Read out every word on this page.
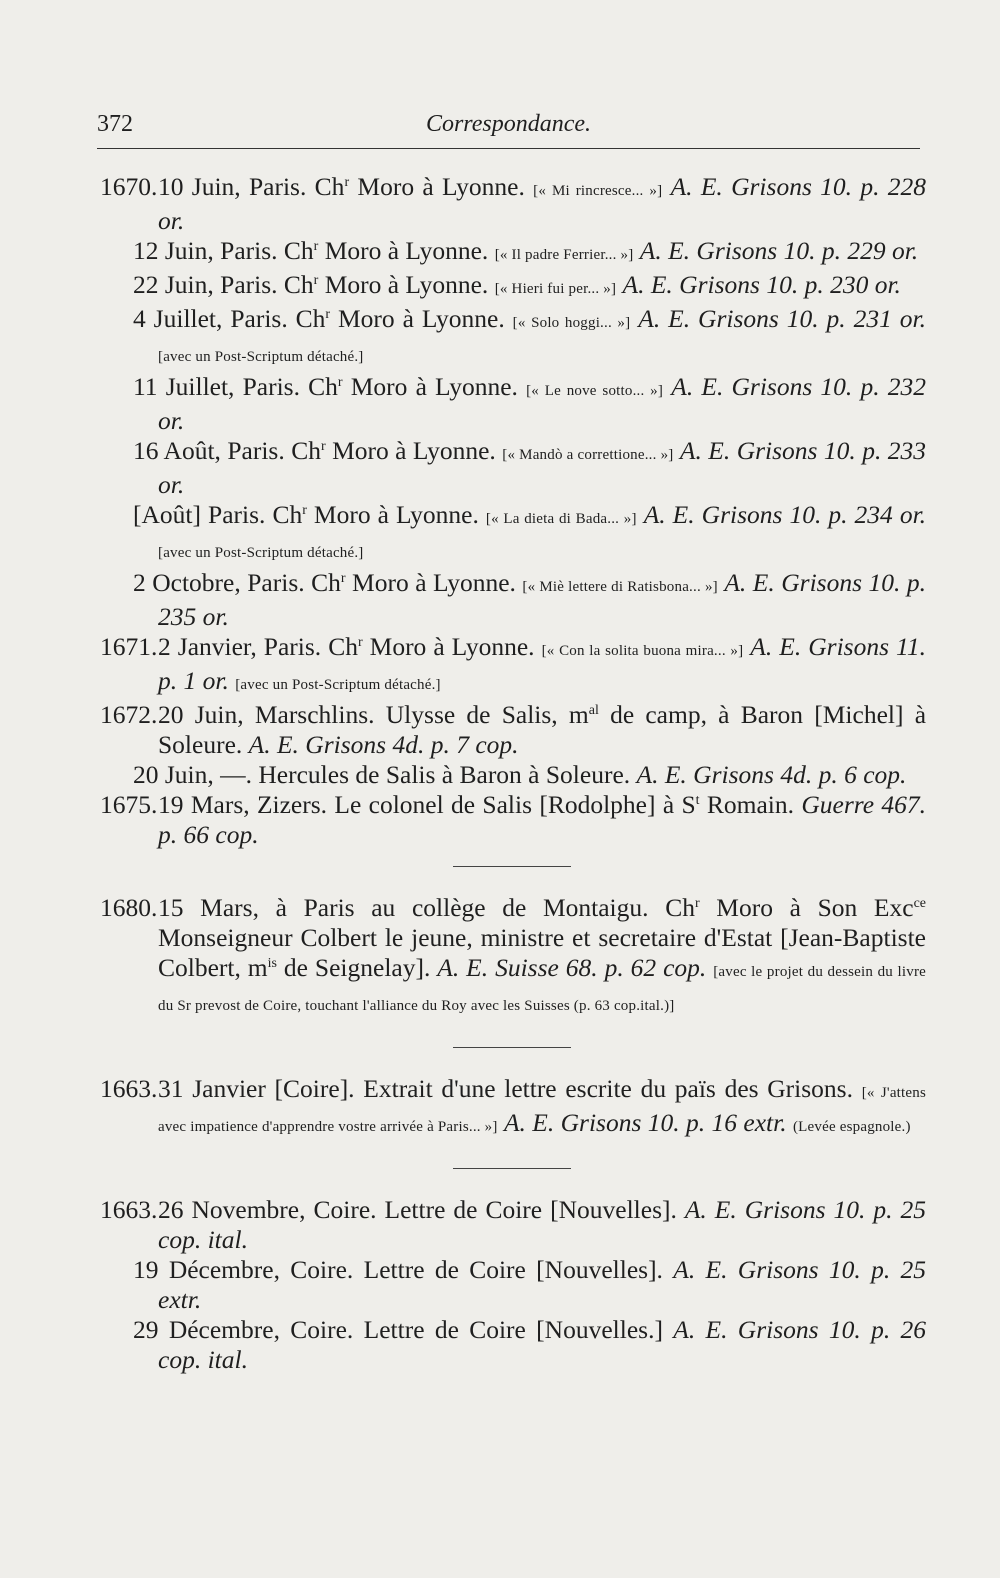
372	Correspondance.

1670.10 Juin, Paris. Ch$^r$ Moro à Lyonne. [« Mi rincresce... »] A. E. Grisons 10. p. 228 or.

12 Juin, Paris. Ch$^r$ Moro à Lyonne. [« Il padre Ferrier... »] A. E. Grisons 10. p. 229 or.

22 Juin, Paris. Ch$^r$ Moro à Lyonne. [« Hieri fui per... »] A. E. Grisons 10. p. 230 or.

4 Juillet, Paris. Ch$^r$ Moro à Lyonne. [« Solo hoggi... »] A. E. Grisons 10. p. 231 or. [avec un Post-Scriptum détaché.]

11 Juillet, Paris. Ch$^r$ Moro à Lyonne. [« Le nove sotto... »] A. E. Grisons 10. p. 232 or.

16 Août, Paris. Ch$^r$ Moro à Lyonne. [« Mandò a correttione... »] A. E. Grisons 10. p. 233 or.

[Août] Paris. Ch$^r$ Moro à Lyonne. [« La dieta di Bada... »] A. E. Grisons 10. p. 234 or. [avec un Post-Scriptum détaché.]

2 Octobre, Paris. Ch$^r$ Moro à Lyonne. [« Miè lettere di Ratisbona... »] A. E. Grisons 10. p. 235 or.

1671.2 Janvier, Paris. Ch$^r$ Moro à Lyonne. [« Con la solita buona mira... »] A. E. Grisons 11. p. 1 or. [avec un Post-Scriptum détaché.]

1672.20 Juin, Marschlins. Ulysse de Salis, $m^{al}$ de camp, à Baron [Michel] à Soleure. A. E. Grisons 4d. p. 7 cop.

20 Juin, —. Hercules de Salis à Baron à Soleure. A. E. Grisons 4d. p. 6 cop.

1675.19 Mars, Zizers. Le colonel de Salis [Rodolphe] à $S^t$ Romain. Guerre 467. p. 66 cop.

1680.15 Mars, à Paris au collège de Montaigu. Ch$^r$ Moro à Son Exc$^{ce}$ Monseigneur Colbert le jeune, ministre et secretaire d'Estat [Jean-Baptiste Colbert, $m^{is}$ de Seignelay]. A. E. Suisse 68. p. 62 cop. [avec le projet du dessein du livre du Sr prevost de Coire, touchant l'alliance du Roy avec les Suisses (p. 63 cop.ital.)]

1663.31 Janvier [Coire]. Extrait d'une lettre escrite du païs des Grisons. [« J'attens avec impatience d'apprendre vostre arrivée à Paris... »] A. E. Grisons 10. p. 16 extr. (Levée espagnole.)

1663.26 Novembre, Coire. Lettre de Coire [Nouvelles]. A. E. Grisons 10. p. 25 cop. ital.

19 Décembre, Coire. Lettre de Coire [Nouvelles]. A. E. Grisons 10. p. 25 extr.

29 Décembre, Coire. Lettre de Coire [Nouvelles.] A. E. Grisons 10. p. 26 cop. ital.
